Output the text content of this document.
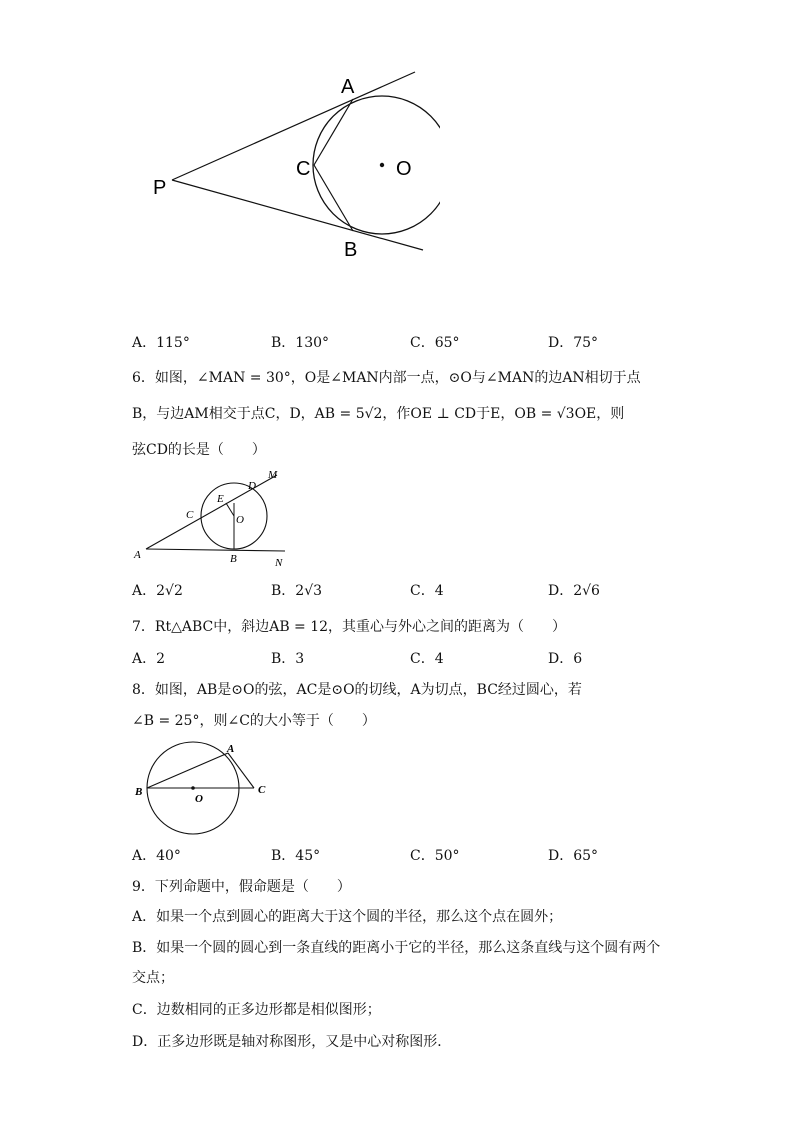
A
B
C	O
P
A．115°	B．130°	C．65°	D．75°
6．如图，∠MAN = 30°，O是∠MAN内部一点，⊙O与∠MAN的边AN相切于点
B，与边AM相交于点C，D，AB = 5√2，作OE ⊥ CD于E，OB = √3OE，则
弦CD的长是（　　）
M
D
E
C	O
A	B	N
A．2√2	B．2√3	C．4	D．2√6
7．Rt△ABC中，斜边AB = 12，其重心与外心之间的距离为（　　）
A．2	B．3	C．4	D．6
8．如图，AB是⊙O的弦，AC是⊙O的切线，A为切点，BC经过圆心，若
∠B = 25°，则∠C的大小等于（　　）
A
B
O
C
A．40°	B．45°	C．50°	D．65°
9．下列命题中，假命题是（　　）
A．如果一个点到圆心的距离大于这个圆的半径，那么这个点在圆外；
B．如果一个圆的圆心到一条直线的距离小于它的半径，那么这条直线与这个圆有两个
交点；
C．边数相同的正多边形都是相似图形；
D．正多边形既是轴对称图形，又是中心对称图形．
